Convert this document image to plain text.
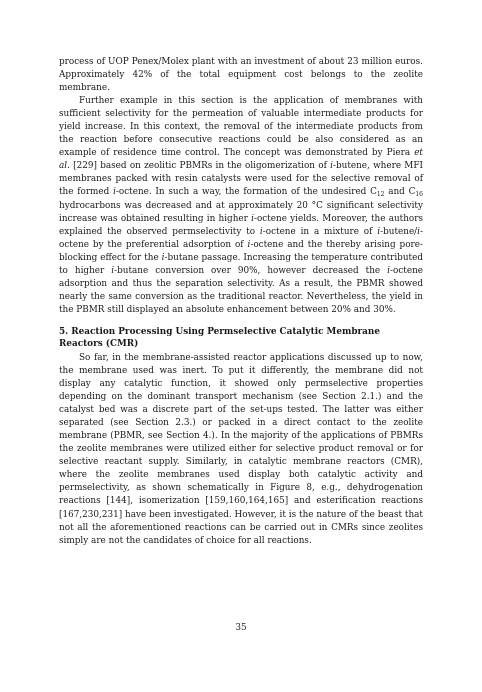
process of UOP Penex/Molex plant with an investment of about 23 million euros. Approximately 42% of the total equipment cost belongs to the zeolite membrane.

Further example in this section is the application of membranes with sufficient selectivity for the permeation of valuable intermediate products for yield increase. In this context, the removal of the intermediate products from the reaction before consecutive reactions could be also considered as an example of residence time control. The concept was demonstrated by Piera et al. [229] based on zeolitic PBMRs in the oligomerization of i-butene, where MFI membranes packed with resin catalysts were used for the selective removal of the formed i-octene. In such a way, the formation of the undesired $C_{12}$ and $C_{16}$ hydrocarbons was decreased and at approximately 20 °C significant selectivity increase was obtained resulting in higher i-octene yields. Moreover, the authors explained the observed permselectivity to i-octene in a mixture of i-butene/i-octene by the preferential adsorption of i-octene and the thereby arising pore-blocking effect for the i-butane passage. Increasing the temperature contributed to higher i-butane conversion over 90%, however decreased the i-octene adsorption and thus the separation selectivity. As a result, the PBMR showed nearly the same conversion as the traditional reactor. Nevertheless, the yield in the PBMR still displayed an absolute enhancement between 20% and 30%.

5. Reaction Processing Using Permselective Catalytic Membrane
Reactors (CMR)

So far, in the membrane-assisted reactor applications discussed up to now, the membrane used was inert. To put it differently, the membrane did not display any catalytic function, it showed only permselective properties depending on the dominant transport mechanism (see Section 2.1.) and the catalyst bed was a discrete part of the set-ups tested. The latter was either separated (see Section 2.3.) or packed in a direct contact to the zeolite membrane (PBMR, see Section 4.). In the majority of the applications of PBMRs the zeolite membranes were utilized either for selective product removal or for selective reactant supply. Similarly, in catalytic membrane reactors (CMR), where the zeolite membranes used display both catalytic activity and permselectivity, as shown schematically in Figure 8, e.g., dehydrogenation reactions [144], isomerization [159,160,164,165] and esterification reactions [167,230,231] have been investigated. However, it is the nature of the beast that not all the aforementioned reactions can be carried out in CMRs since zeolites simply are not the candidates of choice for all reactions.

35
